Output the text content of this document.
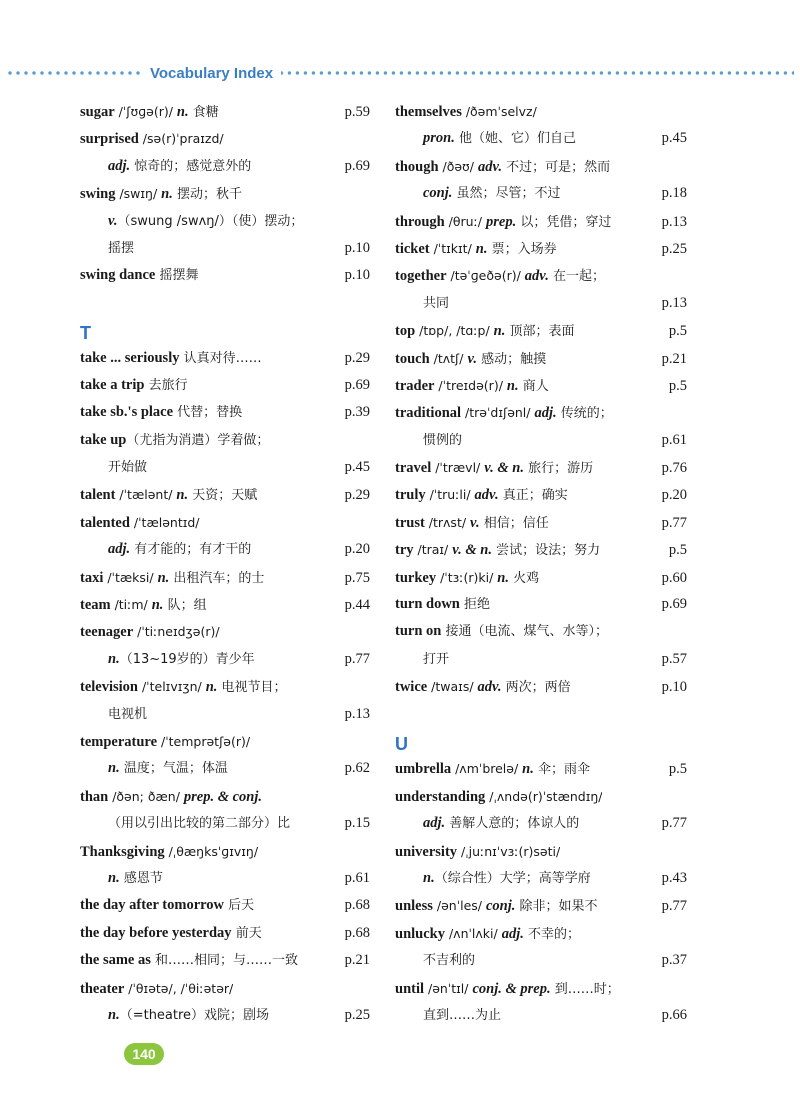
Vocabulary Index
sugar /ˈʃʊɡə(r)/ n. 食糖	p.59
surprised /sə(r)ˈpraɪzd/
adj. 惊奇的；感觉意外的	p.69
swing /swɪŋ/ n. 摆动；秋千
v.（swung /swʌŋ/）（使）摆动；
摇摆	p.10
swing dance 摇摆舞	p.10
T
take ... seriously 认真对待……	p.29
take a trip 去旅行	p.69
take sb.'s place 代替；替换	p.39
take up（尤指为消遣）学着做；
开始做	p.45
talent /ˈtælənt/ n. 天资；天赋	p.29
talented /ˈtæləntɪd/
adj. 有才能的；有才干的	p.20
taxi /ˈtæksi/ n. 出租汽车；的士	p.75
team /tiːm/ n. 队；组	p.44
teenager /ˈtiːneɪdʒə(r)/
n.（13~19岁的）青少年	p.77
television /ˈtelɪvɪʒn/ n. 电视节目；
电视机	p.13
temperature /ˈtemprətʃə(r)/
n. 温度；气温；体温	p.62
than /ðən; ðæn/ prep. & conj.
（用以引出比较的第二部分）比	p.15
Thanksgiving /ˌθæŋksˈɡɪvɪŋ/
n. 感恩节	p.61
the day after tomorrow 后天	p.68
the day before yesterday 前天	p.68
the same as 和……相同；与……一致	p.21
theater /ˈθɪətə/, /ˈθiːətər/
n.（=theatre）戏院；剧场	p.25
themselves /ðəmˈselvz/
pron. 他（她、它）们自己	p.45
though /ðəʊ/ adv. 不过；可是；然而
conj. 虽然；尽管；不过	p.18
through /θruː/ prep. 以；凭借；穿过	p.13
ticket /ˈtɪkɪt/ n. 票；入场券	p.25
together /təˈɡeðə(r)/ adv. 在一起；
共同	p.13
top /tɒp/, /tɑːp/ n. 顶部；表面	p.5
touch /tʌtʃ/ v. 感动；触摸	p.21
trader /ˈtreɪdə(r)/ n. 商人	p.5
traditional /trəˈdɪʃənl/ adj. 传统的；
惯例的	p.61
travel /ˈtrævl/ v. & n. 旅行；游历	p.76
truly /ˈtruːli/ adv. 真正；确实	p.20
trust /trʌst/ v. 相信；信任	p.77
try /traɪ/ v. & n. 尝试；设法；努力	p.5
turkey /ˈtɜː(r)ki/ n. 火鸡	p.60
turn down 拒绝	p.69
turn on 接通（电流、煤气、水等）；
打开	p.57
twice /twaɪs/ adv. 两次；两倍	p.10
U
umbrella /ʌmˈbrelə/ n. 伞；雨伞	p.5
understanding /ˌʌndə(r)ˈstændɪŋ/
adj. 善解人意的；体谅人的	p.77
university /ˌjuːnɪˈvɜː(r)səti/
n.（综合性）大学；高等学府	p.43
unless /ənˈles/ conj. 除非；如果不	p.77
unlucky /ʌnˈlʌki/ adj. 不幸的；
不吉利的	p.37
until /ənˈtɪl/ conj. & prep. 到……时；
直到……为止	p.66
140
